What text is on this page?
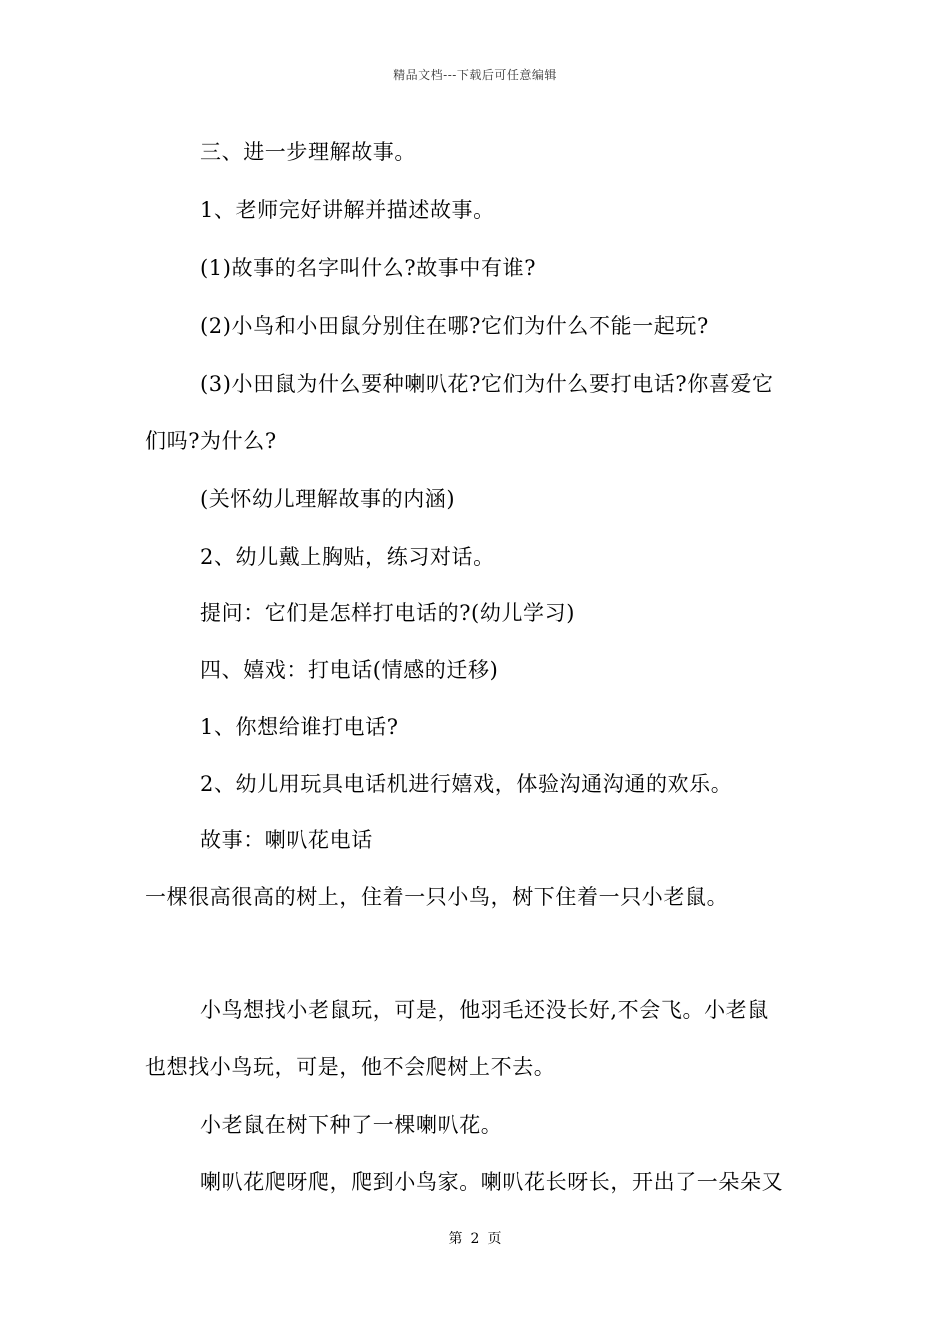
精品文档---下载后可任意编辑
三、进一步理解故事。
1、老师完好讲解并描述故事。
(1)故事的名字叫什么?故事中有谁?
(2)小鸟和小田鼠分别住在哪?它们为什么不能一起玩?
(3)小田鼠为什么要种喇叭花?它们为什么要打电话?你喜爱它
们吗?为什么?
(关怀幼儿理解故事的内涵)
2、幼儿戴上胸贴，练习对话。
提问：它们是怎样打电话的?(幼儿学习)
四、嬉戏：打电话(情感的迁移)
1、你想给谁打电话?
2、幼儿用玩具电话机进行嬉戏，体验沟通沟通的欢乐。
故事：喇叭花电话
一棵很高很高的树上，住着一只小鸟，树下住着一只小老鼠。
小鸟想找小老鼠玩，可是，他羽毛还没长好,不会飞。小老鼠
也想找小鸟玩，可是，他不会爬树上不去。
小老鼠在树下种了一棵喇叭花。
喇叭花爬呀爬，爬到小鸟家。喇叭花长呀长，开出了一朵朵又
第 2 页
